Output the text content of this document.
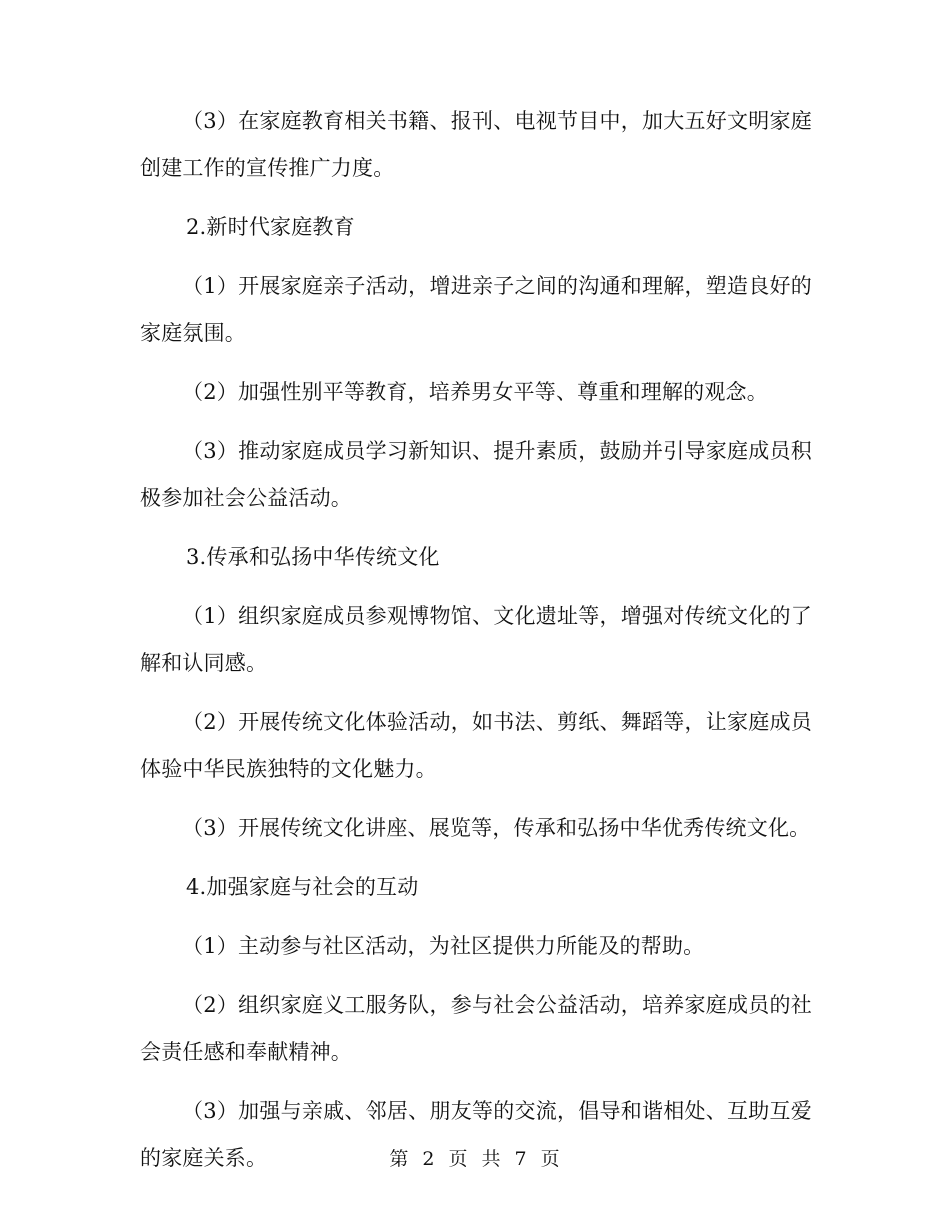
（3）在家庭教育相关书籍、报刊、电视节目中，加大五好文明家庭创建工作的宣传推广力度。

2.新时代家庭教育

（1）开展家庭亲子活动，增进亲子之间的沟通和理解，塑造良好的家庭氛围。

（2）加强性别平等教育，培养男女平等、尊重和理解的观念。

（3）推动家庭成员学习新知识、提升素质，鼓励并引导家庭成员积极参加社会公益活动。

3.传承和弘扬中华传统文化

（1）组织家庭成员参观博物馆、文化遗址等，增强对传统文化的了解和认同感。

（2）开展传统文化体验活动，如书法、剪纸、舞蹈等，让家庭成员体验中华民族独特的文化魅力。

（3）开展传统文化讲座、展览等，传承和弘扬中华优秀传统文化。

4.加强家庭与社会的互动

（1）主动参与社区活动，为社区提供力所能及的帮助。

（2）组织家庭义工服务队，参与社会公益活动，培养家庭成员的社会责任感和奉献精神。

（3）加强与亲戚、邻居、朋友等的交流，倡导和谐相处、互助互爱的家庭关系。	第 2 页 共 7 页
